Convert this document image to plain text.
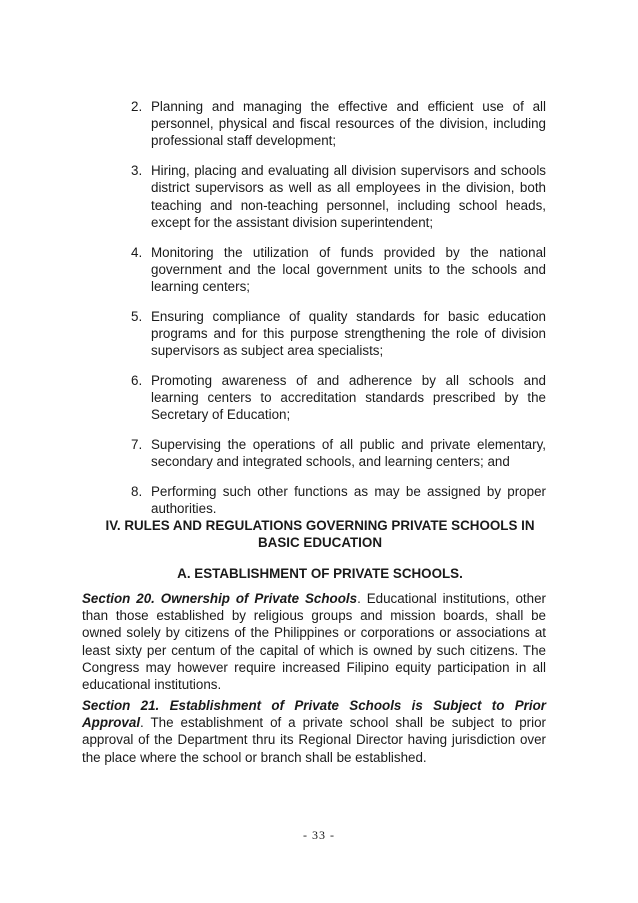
2. Planning and managing the effective and efficient use of all personnel, physical and fiscal resources of the division, including professional staff development;
3. Hiring, placing and evaluating all division supervisors and schools district supervisors as well as all employees in the division, both teaching and non-teaching personnel, including school heads, except for the assistant division superintendent;
4. Monitoring the utilization of funds provided by the national government and the local government units to the schools and learning centers;
5. Ensuring compliance of quality standards for basic education programs and for this purpose strengthening the role of division supervisors as subject area specialists;
6. Promoting awareness of and adherence by all schools and learning centers to accreditation standards prescribed by the Secretary of Education;
7. Supervising the operations of all public and private elementary, secondary and integrated schools, and learning centers; and
8. Performing such other functions as may be assigned by proper authorities.
IV. RULES AND REGULATIONS GOVERNING PRIVATE SCHOOLS IN
BASIC EDUCATION
A. ESTABLISHMENT OF PRIVATE SCHOOLS.

Section 20. Ownership of Private Schools. Educational institutions, other than those established by religious groups and mission boards, shall be owned solely by citizens of the Philippines or corporations or associations at least sixty per centum of the capital of which is owned by such citizens. The Congress may however require increased Filipino equity participation in all educational institutions.

Section 21. Establishment of Private Schools is Subject to Prior Approval. The establishment of a private school shall be subject to prior approval of the Department thru its Regional Director having jurisdiction over the place where the school or branch shall be established.

- 33 -
